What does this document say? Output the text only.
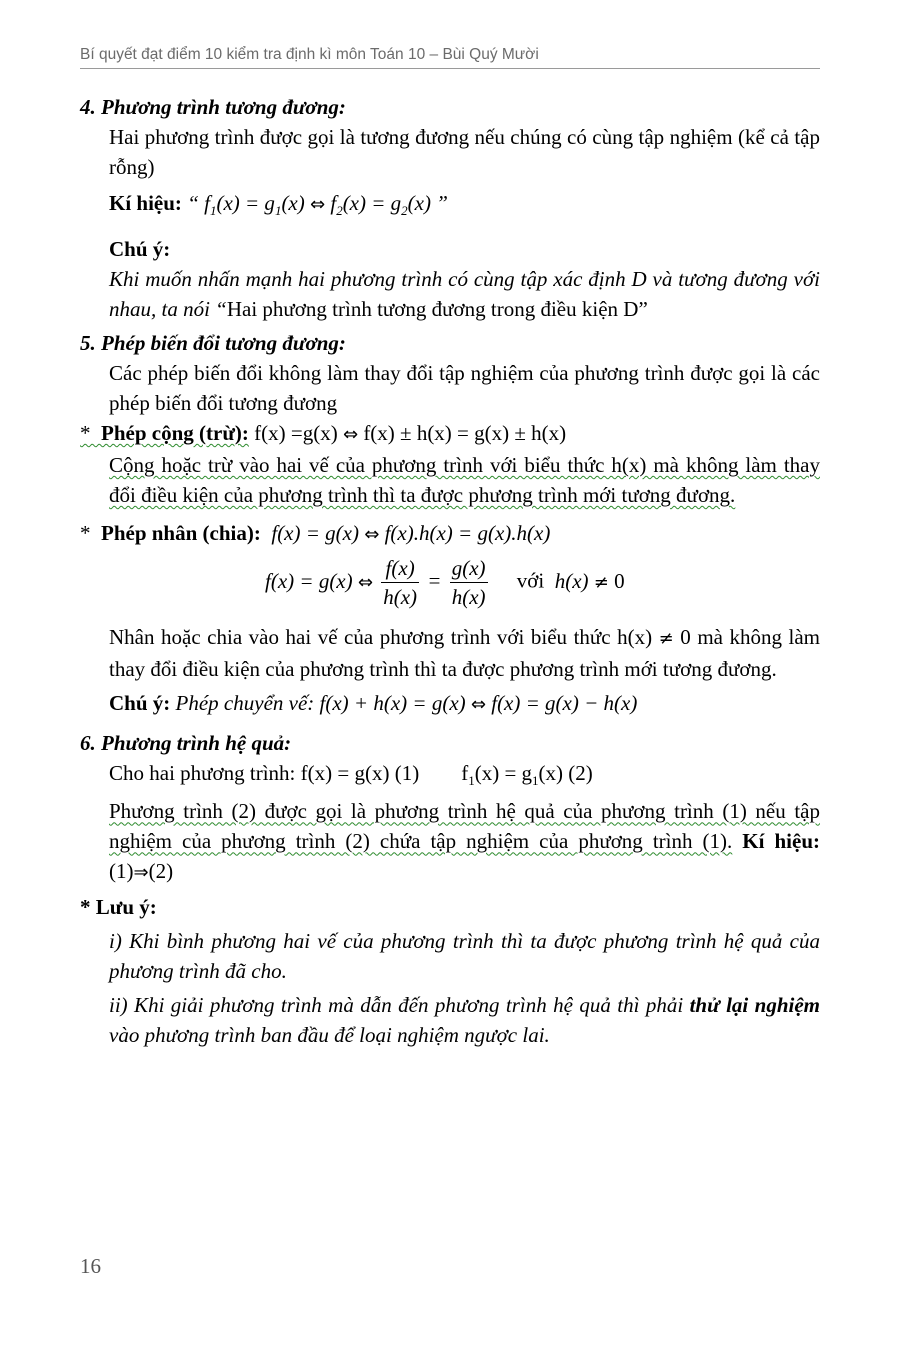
Bí quyết đạt điểm 10 kiểm tra định kì môn Toán 10 – Bùi Quý Mười

4. Phương trình tương đương:

Hai phương trình được gọi là tương đương nếu chúng có cùng tập nghiệm (kể cả tập rỗng)

Kí hiệu: “ $f_1(x) = g_1(x)$ ⇔ $f_2(x) = g_2(x)$ ”

Chú ý:

Khi muốn nhấn mạnh hai phương trình có cùng tập xác định D và tương đương với nhau, ta nói “Hai phương trình tương đương trong điều kiện D”

5. Phép biến đổi tương đương:

Các phép biến đổi không làm thay đổi tập nghiệm của phương trình được gọi là các phép biến đổi tương đương

*  Phép cộng (trừ): f(x) =g(x) ⇔ f(x) ± h(x) = g(x) ± h(x)

Cộng hoặc trừ vào hai vế của phương trình với biểu thức h(x) mà không làm thay đổi điều kiện của phương trình thì ta được phương trình mới tương đương.

*  Phép nhân (chia):  f(x) = g(x) ⇔ f(x).h(x) = g(x).h(x)

f(x) = g(x) ⇔ $\frac{f(x)}{h(x)} = \frac{g(x)}{h(x)}$ với h(x) ≠ 0

Nhân hoặc chia vào hai vế của phương trình với biểu thức h(x) ≠ 0 mà không làm thay đổi điều kiện của phương trình thì ta được phương trình mới tương đương.

Chú ý: Phép chuyển vế: f(x) + h(x) = g(x) ⇔ f(x) = g(x) − h(x)

6. Phương trình hệ quả:

Cho hai phương trình: f(x) = g(x) (1) $f_1(x) = g_1(x)$ (2)

Phương trình (2) được gọi là phương trình hệ quả của phương trình (1) nếu tập nghiệm của phương trình (2) chứa tập nghiệm của phương trình (1). Kí hiệu: (1)⇒(2)

* Lưu ý:

i) Khi bình phương hai vế của phương trình thì ta được phương trình hệ quả của phương trình đã cho.

ii) Khi giải phương trình mà dẫn đến phương trình hệ quả thì phải thử lại nghiệm vào phương trình ban đầu để loại nghiệm ngược lai.

16
